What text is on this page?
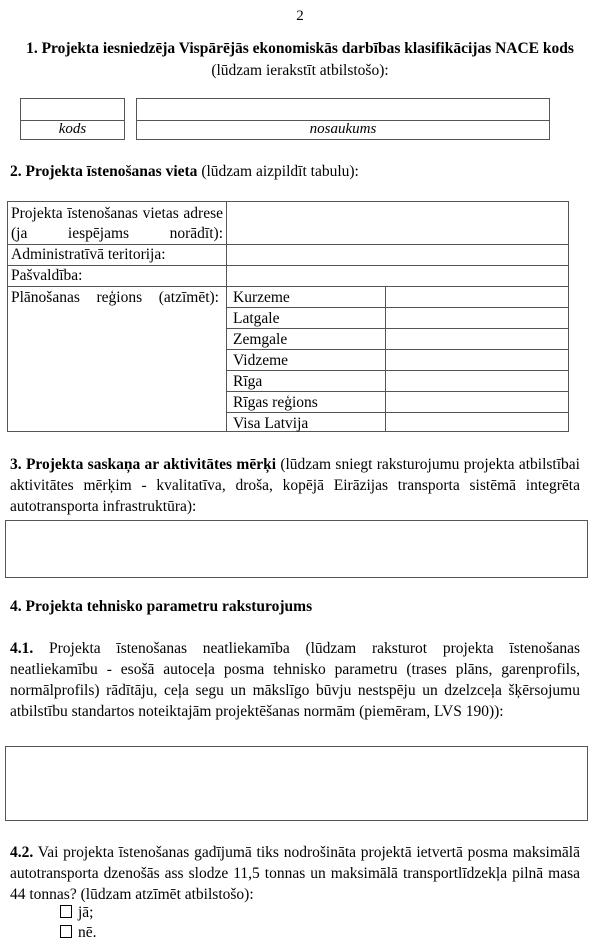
2
1. Projekta iesniedzēja Vispārējās ekonomiskās darbības klasifikācijas NACE kods (lūdzam ierakstīt atbilstošo):
kods	nosaukums
2. Projekta īstenošanas vieta (lūdzam aizpildīt tabulu):
Projekta īstenošanas vietas adrese (ja iespējams norādīt):
Administratīvā teritorija:
Pašvaldība:
Plānošanas reģions (atzīmēt): Kurzeme
Latgale
Zemgale
Vidzeme
Rīga
Rīgas reģions
Visa Latvija
3. Projekta saskaņa ar aktivitātes mērķi (lūdzam sniegt raksturojumu projekta atbilstībai aktivitātes mērķim - kvalitatīva, droša, kopējā Eirāzijas transporta sistēmā integrēta autotransporta infrastruktūra):
4. Projekta tehnisko parametru raksturojums
4.1. Projekta īstenošanas neatliekamība (lūdzam raksturot projekta īstenošanas neatliekamību - esošā autoceļa posma tehnisko parametru (trases plāns, garenprofils, normālprofils) rādītāju, ceļa segu un mākslīgo būvju nestspēju un dzelzceļa šķērsojumu atbilstību standartos noteiktajām projektēšanas normām (piemēram, LVS 190)):
4.2. Vai projekta īstenošanas gadījumā tiks nodrošināta projektā ietvertā posma maksimālā autotransporta dzenošās ass slodze 11,5 tonnas un maksimālā transportlīdzekļa pilnā masa 44 tonnas? (lūdzam atzīmēt atbilstošo):
jā;
nē.
